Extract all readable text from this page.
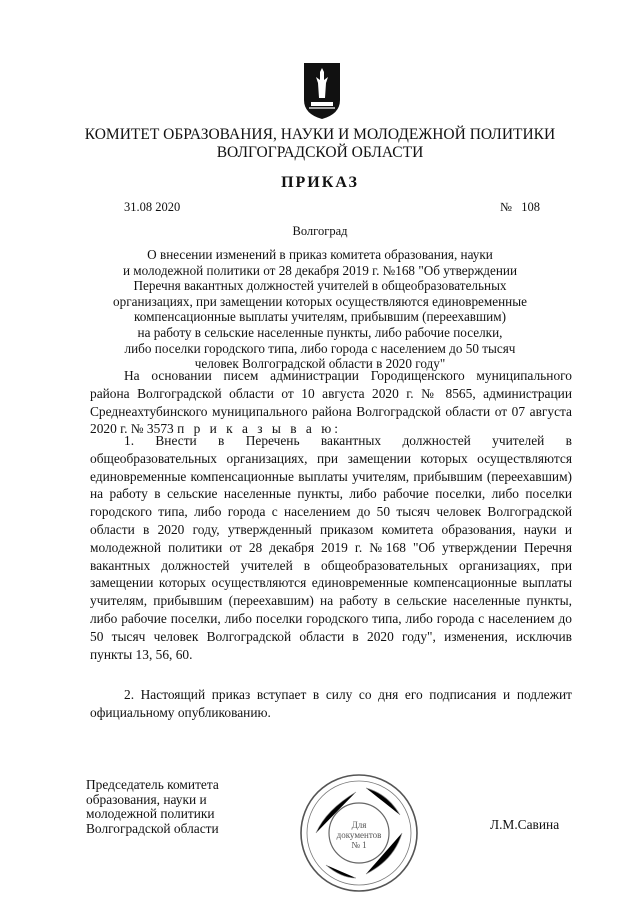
КОМИТЕТ ОБРАЗОВАНИЯ, НАУКИ И МОЛОДЕЖНОЙ ПОЛИТИКИ
ВОЛГОГРАДСКОЙ ОБЛАСТИ
ПРИКАЗ
31.08 2020	№   108
Волгоград
О внесении изменений в приказ комитета образования, науки
и молодежной политики от 28 декабря 2019 г. №168 "Об утверждении
Перечня вакантных должностей учителей в общеобразовательных
организациях, при замещении которых осуществляются единовременные
компенсационные выплаты учителям, прибывшим (переехавшим)
на работу в сельские населенные пункты, либо рабочие поселки,
либо поселки городского типа, либо города с населением до 50 тысяч
человек Волгоградской области в 2020 году"
На основании писем администрации Городищенского муниципального района Волгоградской области от 10 августа 2020 г. № 8565, администрации Среднеахтубинского муниципального района Волгоградской области от 07 августа 2020 г. № 3573 п р и к а з ы в а ю:
1. Внести в Перечень вакантных должностей учителей в общеобразовательных организациях, при замещении которых осуществляются единовременные компенсационные выплаты учителям, прибывшим (переехавшим) на работу в сельские населенные пункты, либо рабочие поселки, либо поселки городского типа, либо города с населением до 50 тысяч человек Волгоградской области в 2020 году, утвержденный приказом комитета образования, науки и молодежной политики от 28 декабря 2019 г. №168 "Об утверждении Перечня вакантных должностей учителей в общеобразовательных организациях, при замещении которых осуществляются единовременные компенсационные выплаты учителям, прибывшим (переехавшим) на работу в сельские населенные пункты, либо рабочие поселки, либо поселки городского типа, либо города с населением до 50 тысяч человек Волгоградской области в 2020 году", изменения, исключив пункты 13, 56, 60.
2. Настоящий приказ вступает в силу со дня его подписания и подлежит официальному опубликованию.
Председатель комитета
образования, науки и
молодежной политики
Волгоградской области	Для
документов
№ 1
Л.М.Савина
